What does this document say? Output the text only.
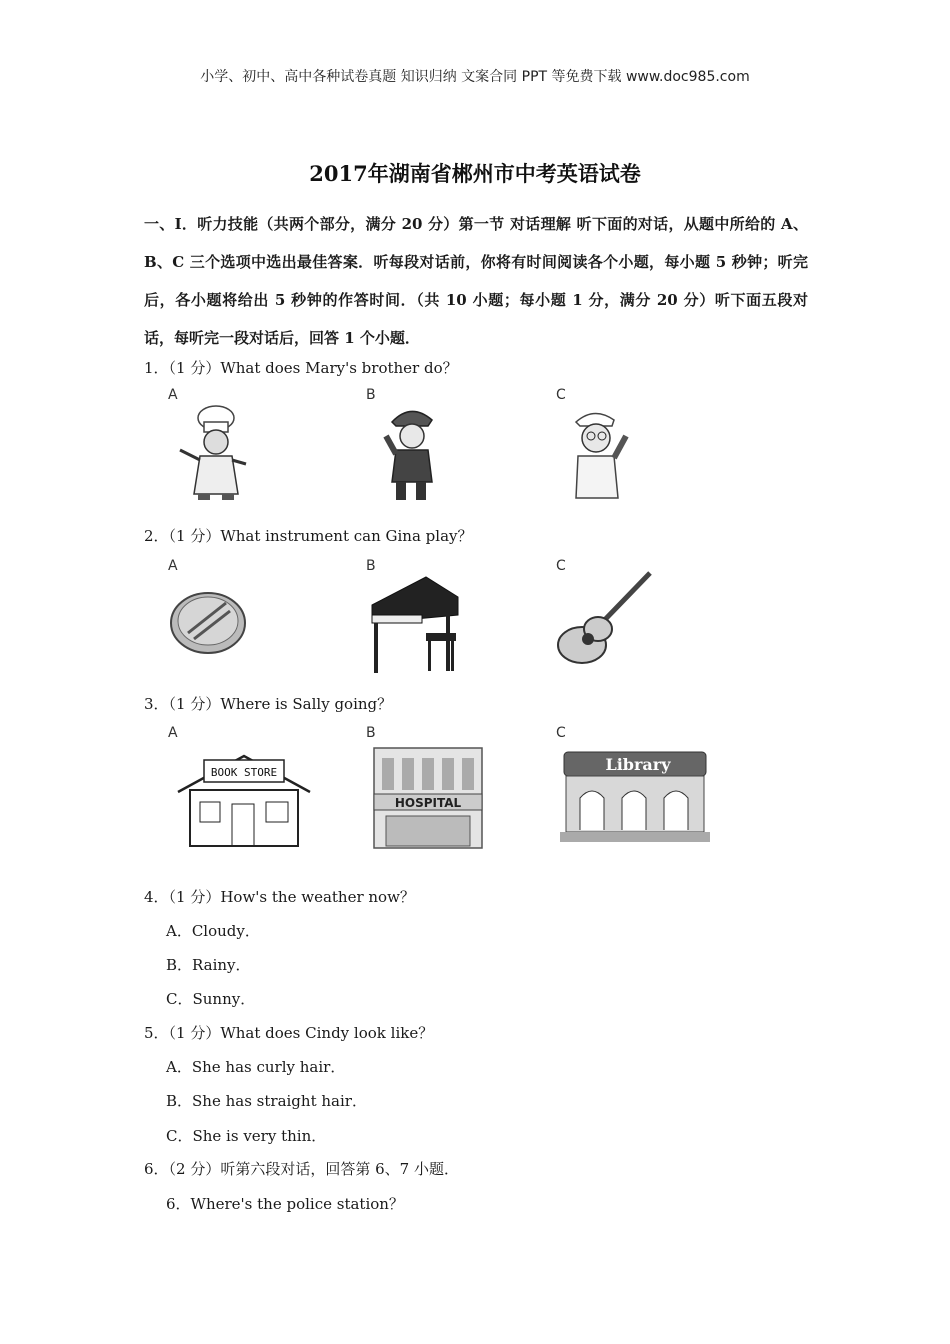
小学、初中、高中各种试卷真题 知识归纳 文案合同 PPT 等免费下载 www.doc985.com
2017年湖南省郴州市中考英语试卷
一、Ⅰ．听力技能（共两个部分，满分 20 分）第一节 对话理解 听下面的对话，从题中所给的 A、B、C 三个选项中选出最佳答案．听每段对话前，你将有时间阅读各个小题，每小题 5 秒钟；听完后，各小题将给出 5 秒钟的作答时间．（共 10 小题；每小题 1 分，满分 20 分）听下面五段对话，每听完一段对话后，回答 1 个小题．
1．（1 分）What does Mary's brother do？
A	B	C
2．（1 分）What instrument can Gina play？
A	B	C
3．（1 分）Where is Sally going？
A
BOOK STORE
B
HOSPITAL
C
Library
4．（1 分）How's the weather now？
A．Cloudy．
B．Rainy．
C．Sunny．
5．（1 分）What does Cindy look like？
A．She has curly hair．
B．She has straight hair．
C．She is very thin．
6．（2 分）听第六段对话，回答第 6、7 小题．
6．Where's the police station？
